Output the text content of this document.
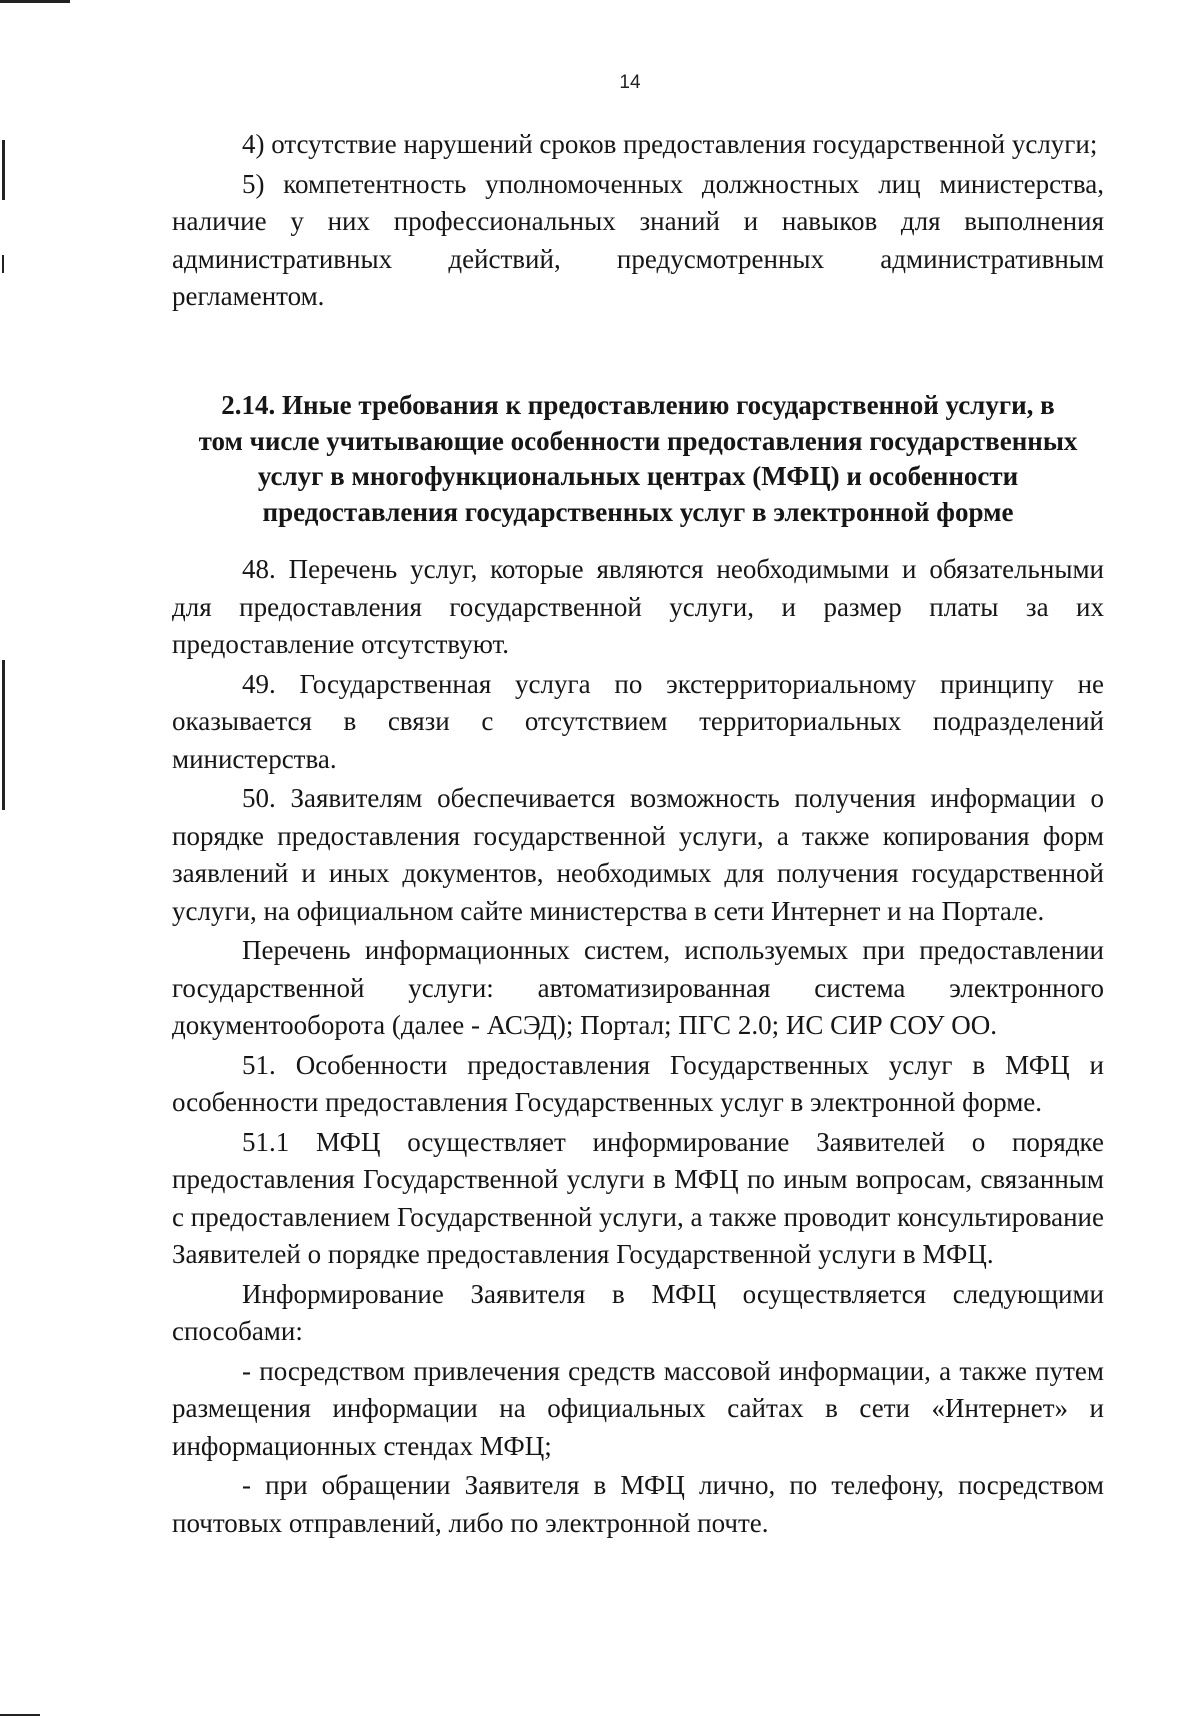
14

4) отсутствие нарушений сроков предоставления государственной услуги;

5) компетентность уполномоченных должностных лиц министерства, наличие у них профессиональных знаний и навыков для выполнения административных действий, предусмотренных административным регламентом.

2.14. Иные требования к предоставлению государственной услуги, в
том числе учитывающие особенности предоставления государственных
услуг в многофункциональных центрах (МФЦ) и особенности
предоставления государственных услуг в электронной форме

48. Перечень услуг, которые являются необходимыми и обязательными для предоставления государственной услуги, и размер платы за их предоставление отсутствуют.

49. Государственная услуга по экстерриториальному принципу не оказывается в связи с отсутствием территориальных подразделений министерства.

50. Заявителям обеспечивается возможность получения информации о порядке предоставления государственной услуги, а также копирования форм заявлений и иных документов, необходимых для получения государственной услуги, на официальном сайте министерства в сети Интернет и на Портале.

Перечень информационных систем, используемых при предоставлении государственной услуги: автоматизированная система электронного документооборота (далее - АСЭД); Портал; ПГС 2.0; ИС СИР СОУ ОО.

51. Особенности предоставления Государственных услуг в МФЦ и особенности предоставления Государственных услуг в электронной форме.

51.1 МФЦ осуществляет информирование Заявителей о порядке предоставления Государственной услуги в МФЦ по иным вопросам, связанным с предоставлением Государственной услуги, а также проводит консультирование Заявителей о порядке предоставления Государственной услуги в МФЦ.

Информирование Заявителя в МФЦ осуществляется следующими способами:

- посредством привлечения средств массовой информации, а также путем размещения информации на официальных сайтах в сети «Интернет» и информационных стендах МФЦ;

- при обращении Заявителя в МФЦ лично, по телефону, посредством почтовых отправлений, либо по электронной почте.
